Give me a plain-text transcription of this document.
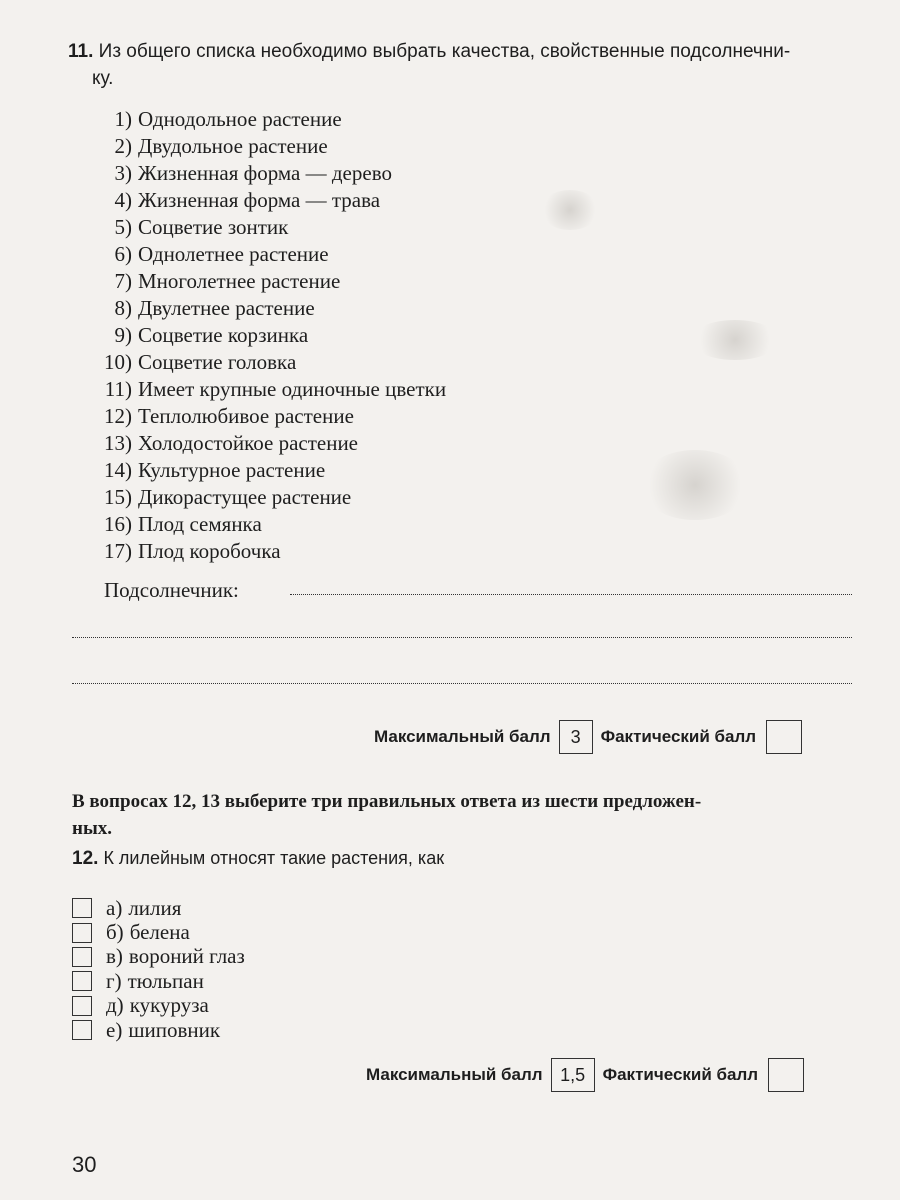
11. Из общего списка необходимо выбрать качества, свойственные подсолнечни-
ку.
1) Однодольное растение
2) Двудольное растение
3) Жизненная форма — дерево
4) Жизненная форма — трава
5) Соцветие зонтик
6) Однолетнее растение
7) Многолетнее растение
8) Двулетнее растение
9) Соцветие корзинка
10) Соцветие головка
11) Имеет крупные одиночные цветки
12) Теплолюбивое растение
13) Холодостойкое растение
14) Культурное растение
15) Дикорастущее растение
16) Плод семянка
17) Плод коробочка
Подсолнечник:
Максимальный балл	3	Фактический балл
В вопросах 12, 13 выберите три правильных ответа из шести предложен-
ных.
12. К лилейным относят такие растения, как
а) лилия
б) белена
в) вороний глаз
г) тюльпан
д) кукуруза
е) шиповник
Максимальный балл 1,5	Фактический балл
30
